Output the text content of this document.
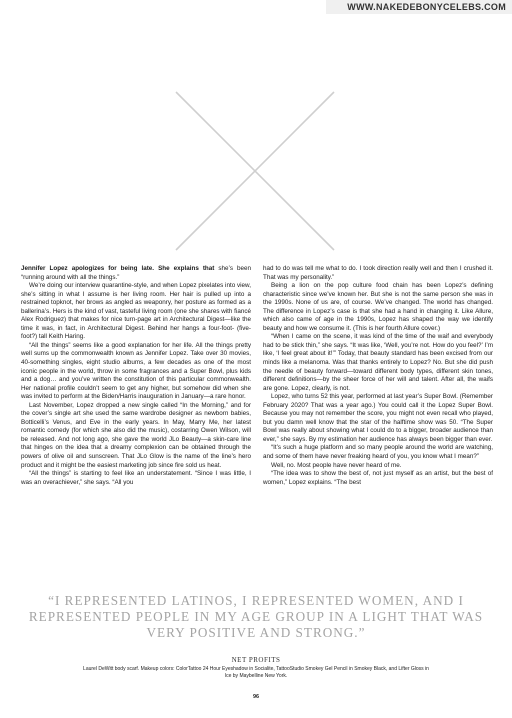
WWW.NAKEDEBONYCELEBS.COM

Jennifer Lopez apologizes for being late. She explains that she’s been “running around with all the things.”

We’re doing our interview quarantine-style, and when Lopez pixelates into view, she’s sitting in what I assume is her living room. Her hair is pulled up into a restrained topknot, her brows as angled as weaponry, her posture as formed as a ballerina’s. Hers is the kind of vast, tasteful living room (one she shares with fiancé Alex Rodriguez) that makes for nice turn-page art in Architectural Digest—like the time it was, in fact, in Architectural Digest. Behind her hangs a four-foot- (five-foot?) tall Keith Haring.

“All the things” seems like a good explanation for her life. All the things pretty well sums up the commonwealth known as Jennifer Lopez. Take over 30 movies, 40-something singles, eight studio albums, a few decades as one of the most iconic people in the world, throw in some fragrances and a Super Bowl, plus kids and a dog… and you’ve written the constitution of this particular commonwealth. Her national profile couldn’t seem to get any higher, but somehow did when she was invited to perform at the Biden/Harris inauguration in January—a rare honor.

Last November, Lopez dropped a new single called “In the Morning,” and for the cover’s single art she used the same wardrobe designer as newborn babies, Botticelli’s Venus, and Eve in the early years. In May, Marry Me, her latest romantic comedy (for which she also did the music), costarring Owen Wilson, will be released. And not long ago, she gave the world JLo Beauty—a skin-care line that hinges on the idea that a dreamy complexion can be obtained through the powers of olive oil and sunscreen. That JLo Glow is the name of the line’s hero product and it might be the easiest marketing job since fire sold us heat.

“All the things” is starting to feel like an understatement. “Since I was little, I was an overachiever,” she says. “All you

had to do was tell me what to do. I took direction really well and then I crushed it. That was my personality.”

Being a lion on the pop culture food chain has been Lopez’s defining characteristic since we’ve known her. But she is not the same person she was in the 1990s. None of us are, of course. We’ve changed. The world has changed. The difference in Lopez’s case is that she had a hand in changing it. Like Allure, which also came of age in the 1990s, Lopez has shaped the way we identify beauty and how we consume it. (This is her fourth Allure cover.)

“When I came on the scene, it was kind of the time of the waif and everybody had to be stick thin,” she says. “It was like, ‘Well, you’re not. How do you feel?’ I’m like, ‘I feel great about it!’” Today, that beauty standard has been excised from our minds like a melanoma. Was that thanks entirely to Lopez? No. But she did push the needle of beauty forward—toward different body types, different skin tones, different definitions—by the sheer force of her will and talent. After all, the waifs are gone. Lopez, clearly, is not.

Lopez, who turns 52 this year, performed at last year’s Super Bowl. (Remember February 2020? That was a year ago.) You could call it the Lopez Super Bowl. Because you may not remember the score, you might not even recall who played, but you damn well know that the star of the halftime show was 50. “The Super Bowl was really about showing what I could do to a bigger, broader audience than ever,” she says. By my estimation her audience has always been bigger than ever.

“It’s such a huge platform and so many people around the world are watching, and some of them have never freaking heard of you, you know what I mean?”

Well, no. Most people have never heard of me.

“The idea was to show the best of, not just myself as an artist, but the best of women,” Lopez explains. “The best

“I REPRESENTED LATINOS, I REPRESENTED WOMEN, AND I REPRESENTED PEOPLE IN MY AGE GROUP IN A LIGHT THAT WAS VERY POSITIVE AND STRONG.”
NET PROFITS
Laurel DeWitt body scarf. Makeup colors: ColorTattoo 24 Hour Eyeshadow in Socialite, TattooStudio Smokey Gel Pencil in Smokey Black, and Lifter Gloss in Ice by Maybelline New York.
96
